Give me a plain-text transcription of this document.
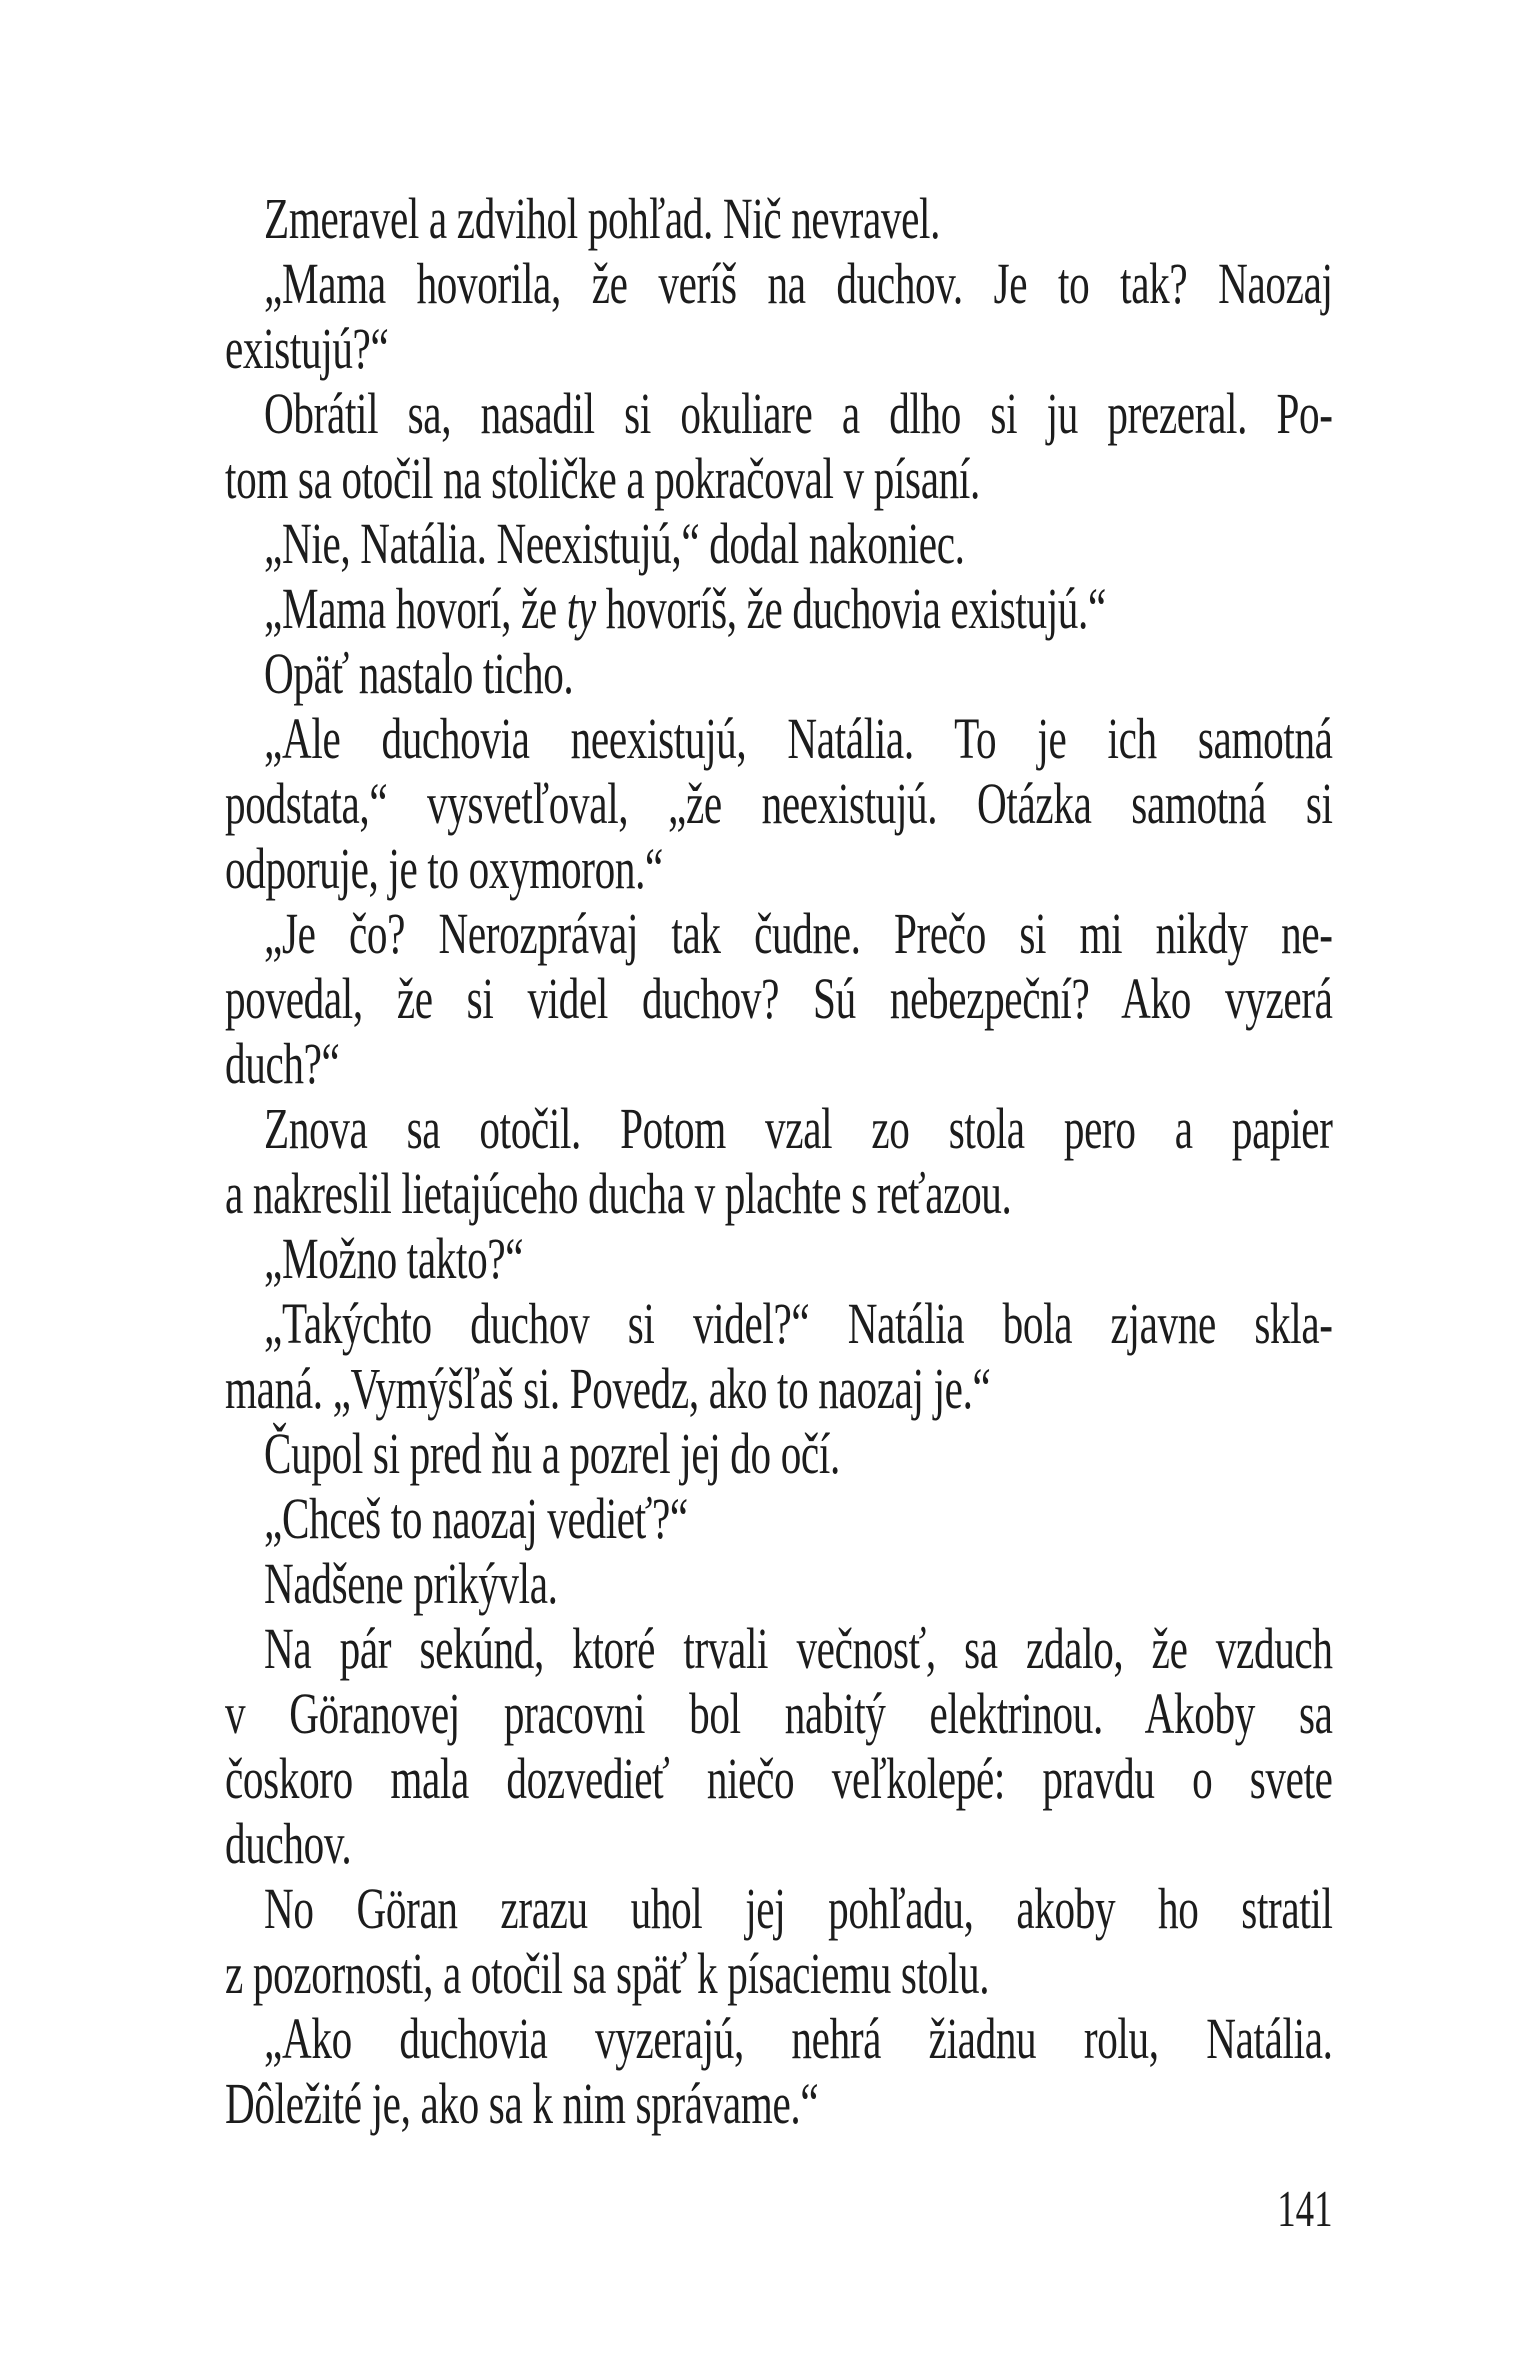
Zmeravel a zdvihol pohľad. Nič nevravel.
„Mama hovorila, že veríš na duchov. Je to tak? Naozaj
existujú?“
Obrátil sa, nasadil si okuliare a dlho si ju prezeral. Po-
tom sa otočil na stoličke a pokračoval v písaní.
„Nie, Natália. Neexistujú,“ dodal nakoniec.
„Mama hovorí, že ty hovoríš, že duchovia existujú.“
Opäť nastalo ticho.
„Ale duchovia neexistujú, Natália. To je ich samotná
podstata,“ vysvetľoval, „že neexistujú. Otázka samotná si
odporuje, je to oxymoron.“
„Je čo? Nerozprávaj tak čudne. Prečo si mi nikdy ne-
povedal, že si videl duchov? Sú nebezpeční? Ako vyzerá
duch?“
Znova sa otočil. Potom vzal zo stola pero a papier
a nakreslil lietajúceho ducha v plachte s reťazou.
„Možno takto?“
„Takýchto duchov si videl?“ Natália bola zjavne skla-
maná. „Vymýšľaš si. Povedz, ako to naozaj je.“
Čupol si pred ňu a pozrel jej do očí.
„Chceš to naozaj vedieť?“
Nadšene prikývla.
Na pár sekúnd, ktoré trvali večnosť, sa zdalo, že vzduch
v Göranovej pracovni bol nabitý elektrinou. Akoby sa
čoskoro mala dozvedieť niečo veľkolepé: pravdu o svete
duchov.
No Göran zrazu uhol jej pohľadu, akoby ho stratil
z pozornosti, a otočil sa späť k písaciemu stolu.
„Ako duchovia vyzerajú, nehrá žiadnu rolu, Natália.
Dôležité je, ako sa k nim správame.“
141
